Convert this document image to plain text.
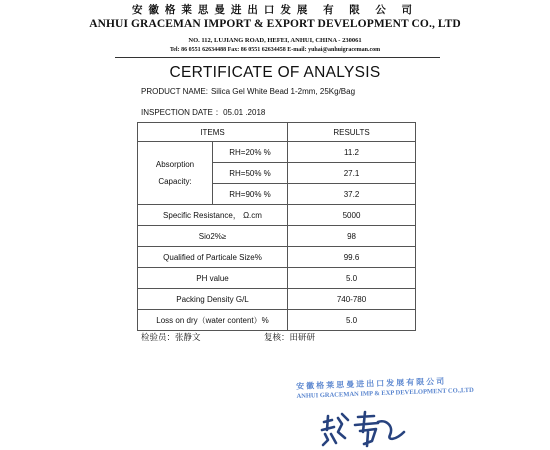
安徽格莱思曼进出口发展 有 限 公 司
ANHUI GRACEMAN IMPORT & EXPORT DEVELOPMENT CO., LTD
NO. 112, LUJIANG ROAD, HEFEI, ANHUI, CHINA - 230061
Tel: 86 0551 62634488 Fax: 86 0551 62634458 E-mail: yuhai@anhuigraceman.com
CERTIFICATE OF ANALYSIS
PRODUCT NAME: Silica Gel White Bead 1-2mm, 25Kg/Bag
INSPECTION DATE ：05.01 .2018
ITEMS		RESULTS
Absorption
Capacity:	RH=20% %	11.2
	RH=50% %	27.1
	RH=90% %	37.2
Specific Resistance， Ω.cm		5000
Sio2%≥		98
Qualified of Particale Size%		99.6
PH value		5.0
Packing Density G/L		740-780
Loss on dry（water content）%		5.0
检验员：张静文	复核：田研研
安徽格莱思曼进出口发展有限公司
ANHUI GRACEMAN IMP & EXP DEVELOPMENT CO.,LTD
